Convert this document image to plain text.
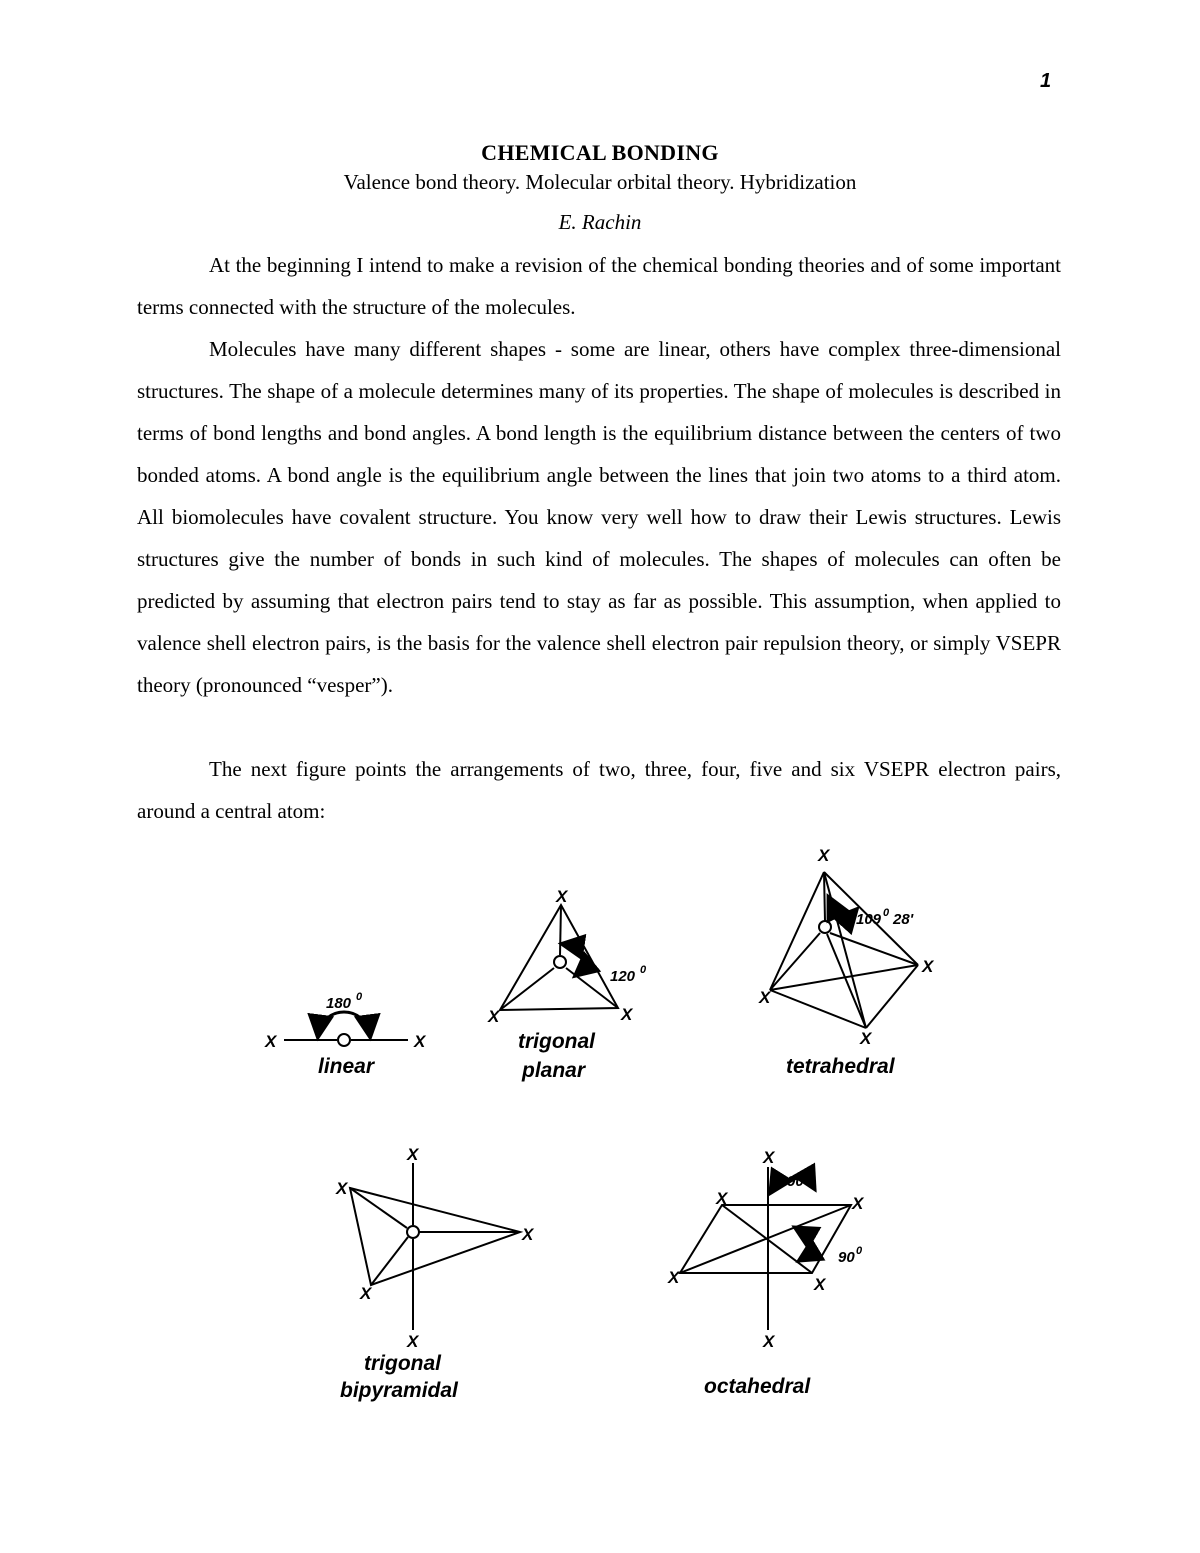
1
CHEMICAL BONDING
Valence bond theory. Molecular orbital theory. Hybridization
E. Rachin

At the beginning I intend to make a revision of the chemical bonding theories and of some important terms connected with the structure of the molecules.

Molecules have many different shapes - some are linear, others have complex three-dimensional structures. The shape of a molecule determines many of its properties. The shape of molecules is described in terms of bond lengths and bond angles. A bond length is the equilibrium distance between the centers of two bonded atoms. A bond angle is the equilibrium angle between the lines that join two atoms to a third atom. All biomolecules have covalent structure. You know very well how to draw their Lewis structures. Lewis structures give the number of bonds in such kind of molecules. The shapes of molecules can often be predicted by assuming that electron pairs tend to stay as far as possible. This assumption, when applied to valence shell electron pairs, is the basis for the valence shell electron pair repulsion theory, or simply VSEPR theory (pronounced “vesper”).

The next figure points the arrangements of two, three, four, five and six VSEPR electron pairs, around a central atom:

X	X
180 0
linear
X
X	X
120 0
trigonal
planar
X
X
X
X
109 0 28'
tetrahedral
X
X
X
X
X
trigonal
bipyramidal
X
X	X
X	X
X
90 0
90 0
octahedral
